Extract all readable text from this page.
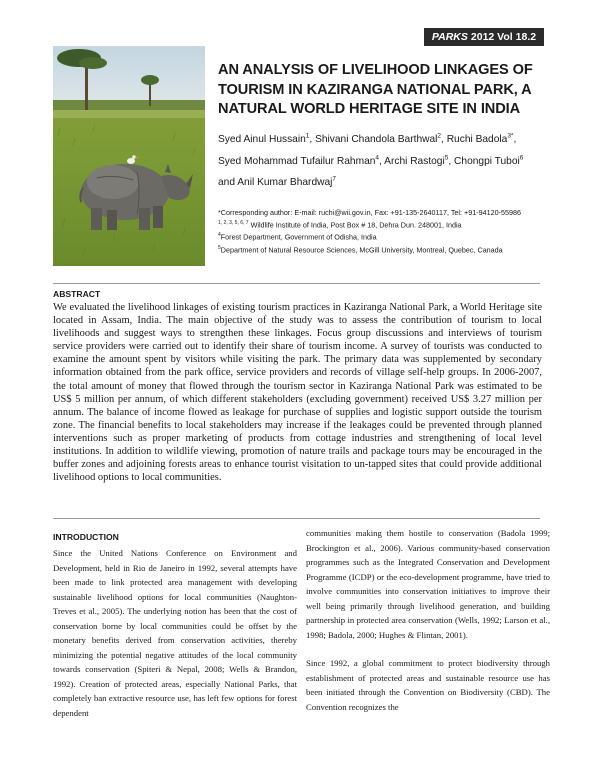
PARKS 2012 Vol 18.2
AN ANALYSIS OF LIVELIHOOD LINKAGES OF TOURISM IN KAZIRANGA NATIONAL PARK, A NATURAL WORLD HERITAGE SITE IN INDIA

Syed Ainul Hussain$^1$, Shivani Chandola Barthwal$^2$, Ruchi Badola$^{3*}$,
Syed Mohammad Tufailur Rahman$^4$, Archi Rastogi$^5$, Chongpi Tuboi$^6$
and Anil Kumar Bhardwaj$^7$

*Corresponding author: E-mail: ruchi@wii.gov.in, Fax: +91-135-2640117, Tel: +91-94120-55986

$^{1, 2, 3, 5, 6, 7}$ Wildlife Institute of India, Post Box # 18, Dehra Dun. 248001, India

$^4$Forest Department, Government of Odisha, India

$^5$Department of Natural Resource Sciences, McGill University, Montreal, Quebec, Canada

ABSTRACT

We evaluated the livelihood linkages of existing tourism practices in Kaziranga National Park, a World Heritage site located in Assam, India. The main objective of the study was to assess the contribution of tourism to local livelihoods and suggest ways to strengthen these linkages. Focus group discussions and interviews of tourism service providers were carried out to identify their share of tourism income. A survey of tourists was conducted to examine the amount spent by visitors while visiting the park. The primary data was supplemented by secondary information obtained from the park office, service providers and records of village self-help groups. In 2006-2007, the total amount of money that flowed through the tourism sector in Kaziranga National Park was estimated to be US$ 5 million per annum, of which different stakeholders (excluding government) received US$ 3.27 million per annum. The balance of income flowed as leakage for purchase of supplies and logistic support outside the tourism zone. The financial benefits to local stakeholders may increase if the leakages could be prevented through planned interventions such as proper marketing of products from cottage industries and strengthening of local level institutions. In addition to wildlife viewing, promotion of nature trails and package tours may be encouraged in the buffer zones and adjoining forests areas to enhance tourist visitation to un-tapped sites that could provide additional livelihood options to local communities.

INTRODUCTION

Since the United Nations Conference on Environment and Development, held in Rio de Janeiro in 1992, several attempts have been made to link protected area management with developing sustainable livelihood options for local communities (Naughton-Treves et al., 2005). The underlying notion has been that the cost of conservation borne by local communities could be offset by the monetary benefits derived from conservation activities, thereby minimizing the potential negative attitudes of the local community towards conservation (Spiteri & Nepal, 2008; Wells & Brandon, 1992). Creation of protected areas, especially National Parks, that completely ban extractive resource use, has left few options for forest dependent

communities making them hostile to conservation (Badola 1999; Brockington et al., 2006). Various community-based conservation programmes such as the Integrated Conservation and Development Programme (ICDP) or the eco-development programme, have tried to involve communities into conservation initiatives to improve their well being primarily through livelihood generation, and building partnership in protected area conservation (Wells, 1992; Larson et al., 1998; Badola, 2000; Hughes & Flintan, 2001).

Since 1992, a global commitment to protect biodiversity through establishment of protected areas and sustainable resource use has been initiated through the Convention on Biodiversity (CBD). The Convention recognizes the
